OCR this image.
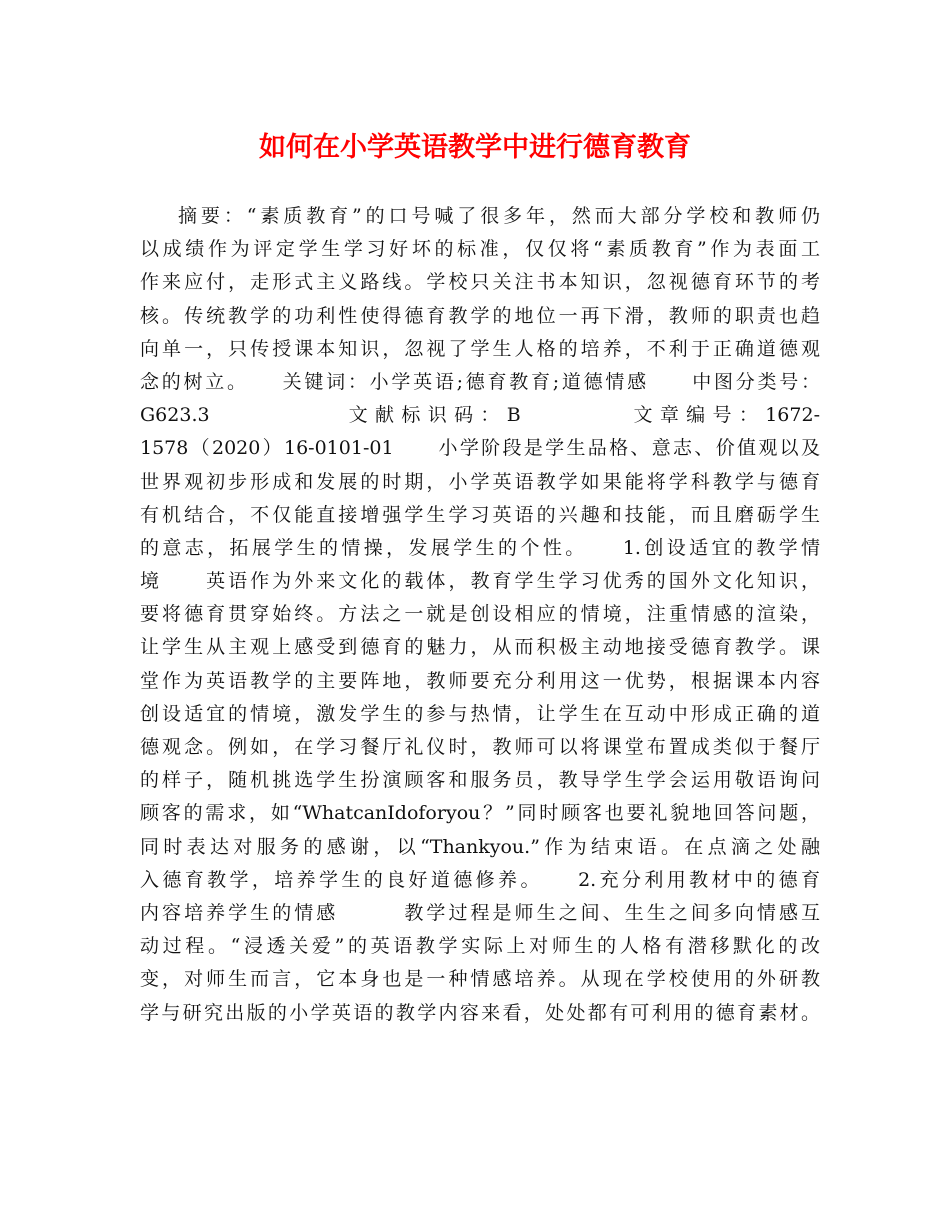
如何在小学英语教学中进行德育教育
摘要：“素质教育”的口号喊了很多年，然而大部分学校和教师仍
以成绩作为评定学生学习好坏的标准，仅仅将“素质教育”作为表面工
作来应付，走形式主义路线。学校只关注书本知识，忽视德育环节的考
核。传统教学的功利性使得德育教学的地位一再下滑，教师的职责也趋
向单一，只传授课本知识，忽视了学生人格的培养，不利于正确道德观
念的树立。　　关键词：小学英语;德育教育;道德情感　　中图分类号：
G623.3　　　　　文献标识码：B　　　　文章编号：1672-
1578（2020）16-0101-01　　小学阶段是学生品格、意志、价值观以及
世界观初步形成和发展的时期，小学英语教学如果能将学科教学与德育
有机结合，不仅能直接增强学生学习英语的兴趣和技能，而且磨砺学生
的意志，拓展学生的情操，发展学生的个性。　　1.创设适宜的教学情
境　　英语作为外来文化的载体，教育学生学习优秀的国外文化知识，
要将德育贯穿始终。方法之一就是创设相应的情境，注重情感的渲染，
让学生从主观上感受到德育的魅力，从而积极主动地接受德育教学。课
堂作为英语教学的主要阵地，教师要充分利用这一优势，根据课本内容
创设适宜的情境，激发学生的参与热情，让学生在互动中形成正确的道
德观念。例如，在学习餐厅礼仪时，教师可以将课堂布置成类似于餐厅
的样子，随机挑选学生扮演顾客和服务员，教导学生学会运用敬语询问
顾客的需求，如“WhatcanIdoforyou？”同时顾客也要礼貌地回答问题，
同时表达对服务的感谢，以“Thankyou.”作为结束语。在点滴之处融
入德育教学，培养学生的良好道德修养。　　2.充分利用教材中的德育
内容培养学生的情感　　　教学过程是师生之间、生生之间多向情感互
动过程。“浸透关爱”的英语教学实际上对师生的人格有潜移默化的改
变，对师生而言，它本身也是一种情感培养。从现在学校使用的外研教
学与研究出版的小学英语的教学内容来看，处处都有可利用的德育素材。
